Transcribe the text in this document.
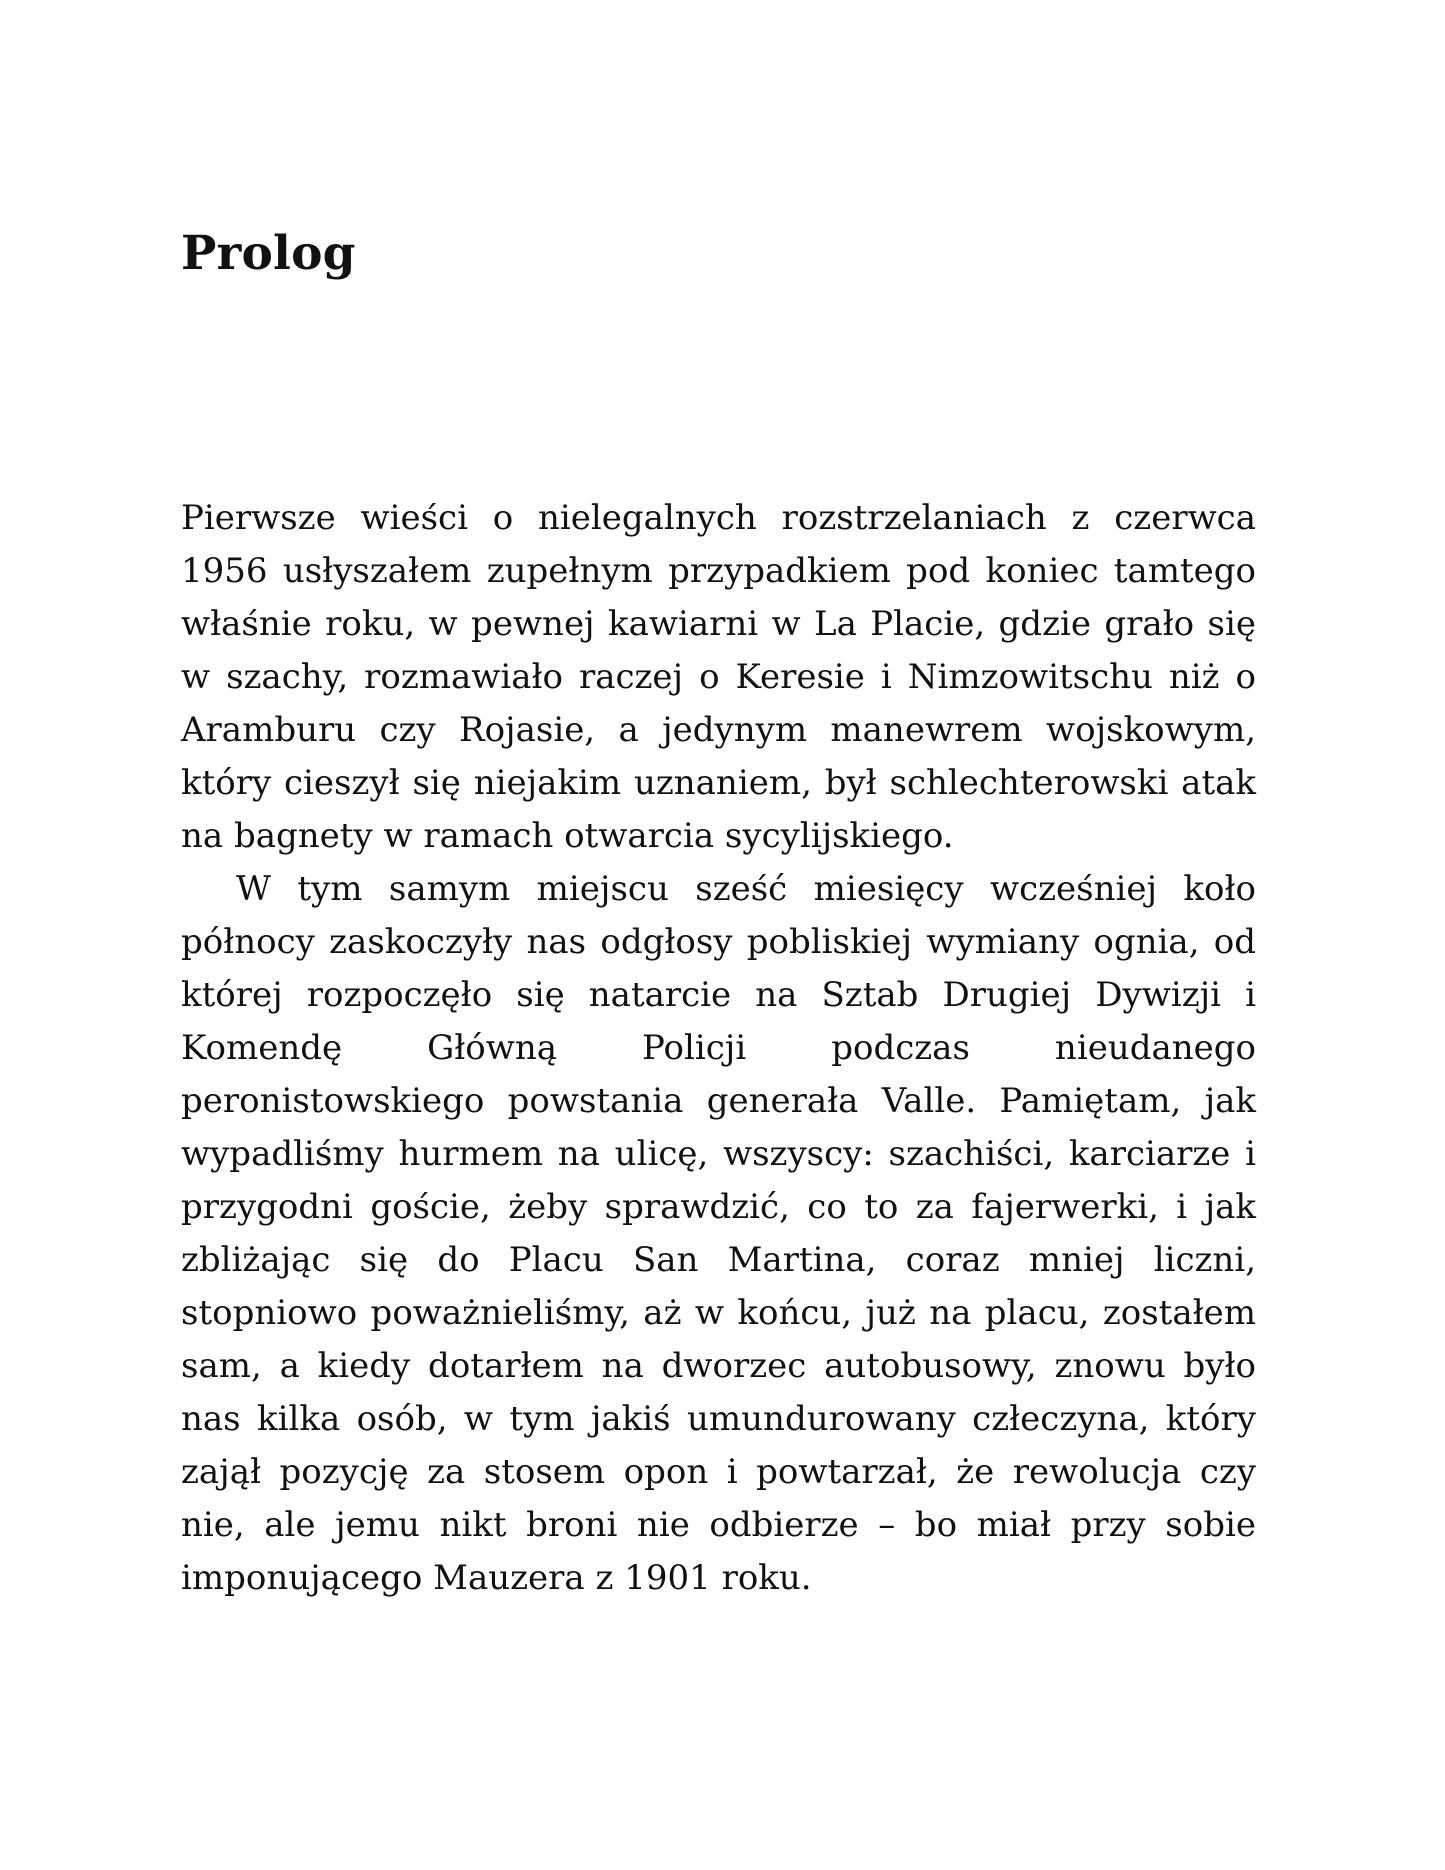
Prolog

Pierwsze wieści o nielegalnych rozstrzelaniach z czerwca 1956 usłyszałem zupełnym przypadkiem pod koniec tamtego właśnie roku, w pewnej kawiarni w La Placie, gdzie grało się w szachy, rozmawiało raczej o Keresie i Nimzowitschu niż o Aramburu czy Rojasie, a jedynym manewrem wojskowym, który cieszył się niejakim uznaniem, był schlechterowski atak na bagnety w ramach otwarcia sycylijskiego.

W tym samym miejscu sześć miesięcy wcześniej koło północy zaskoczyły nas odgłosy pobliskiej wymiany ognia, od której rozpoczęło się natarcie na Sztab Drugiej Dywizji i Komendę Główną Policji podczas nieudanego peronistowskiego powstania generała Valle. Pamiętam, jak wypadliśmy hurmem na ulicę, wszyscy: szachiści, karciarze i przygodni goście, żeby sprawdzić, co to za fajerwerki, i jak zbliżając się do Placu San Martina, coraz mniej liczni, stopniowo poważnieliśmy, aż w końcu, już na placu, zostałem sam, a kiedy dotarłem na dworzec autobusowy, znowu było nas kilka osób, w tym jakiś umundurowany człeczyna, który zajął pozycję za stosem opon i powtarzał, że rewolucja czy nie, ale jemu nikt broni nie odbierze – bo miał przy sobie imponującego Mauzera z 1901 roku.
